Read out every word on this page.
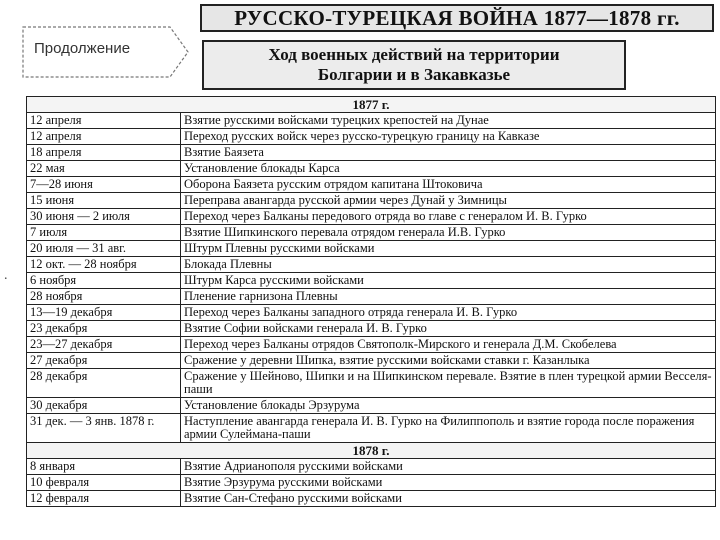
РУССКО-ТУРЕЦКАЯ ВОЙНА 1877—1878 гг.
Продолжение	Ход военных действий на территории
Болгарии и в Закавказье
.
1877 г.	
12 апреля	Взятие русскими войсками турецких крепостей на Дунае
12 апреля	Переход русских войск через русско-турецкую границу на Кавказе
18 апреля	Взятие Баязета
22 мая	Установление блокады Карса
7—28 июня	Оборона Баязета русским отрядом капитана Штоковича
15 июня	Переправа авангарда русской армии через Дунай у Зимницы
30 июня — 2 июля	Переход через Балканы передового отряда во главе с генералом И. В. Гурко
7 июля	Взятие Шипкинского перевала отрядом генерала И.В. Гурко
20 июля — 31 авг.	Штурм Плевны русскими войсками
12 окт. — 28 ноября	Блокада Плевны
6 ноября	Штурм Карса русскими войсками
28 ноября	Пленение гарнизона Плевны
13—19 декабря	Переход через Балканы западного отряда генерала И. В. Гурко
23 декабря	Взятие Софии войсками генерала И. В. Гурко
23—27 декабря	Переход через Балканы отрядов Святополк-Мирского и генерала Д.М. Скобелева
27 декабря	Сражение у деревни Шипка, взятие русскими войсками ставки г. Казанлыка
28 декабря	Сражение у Шейново, Шипки и на Шипкинском перевале. Взятие в плен турецкой армии Весселя-паши
30 декабря	Установление блокады Эрзурума
31 дек. — 3 янв. 1878 г.	Наступление авангарда генерала И. В. Гурко на Филиппополь и взятие города после поражения армии Сулеймана-паши
1878 г.	
8 января	Взятие Адрианополя русскими войсками
10 февраля	Взятие Эрзурума русскими войсками
12 февраля	Взятие Сан-Стефано русскими войсками
